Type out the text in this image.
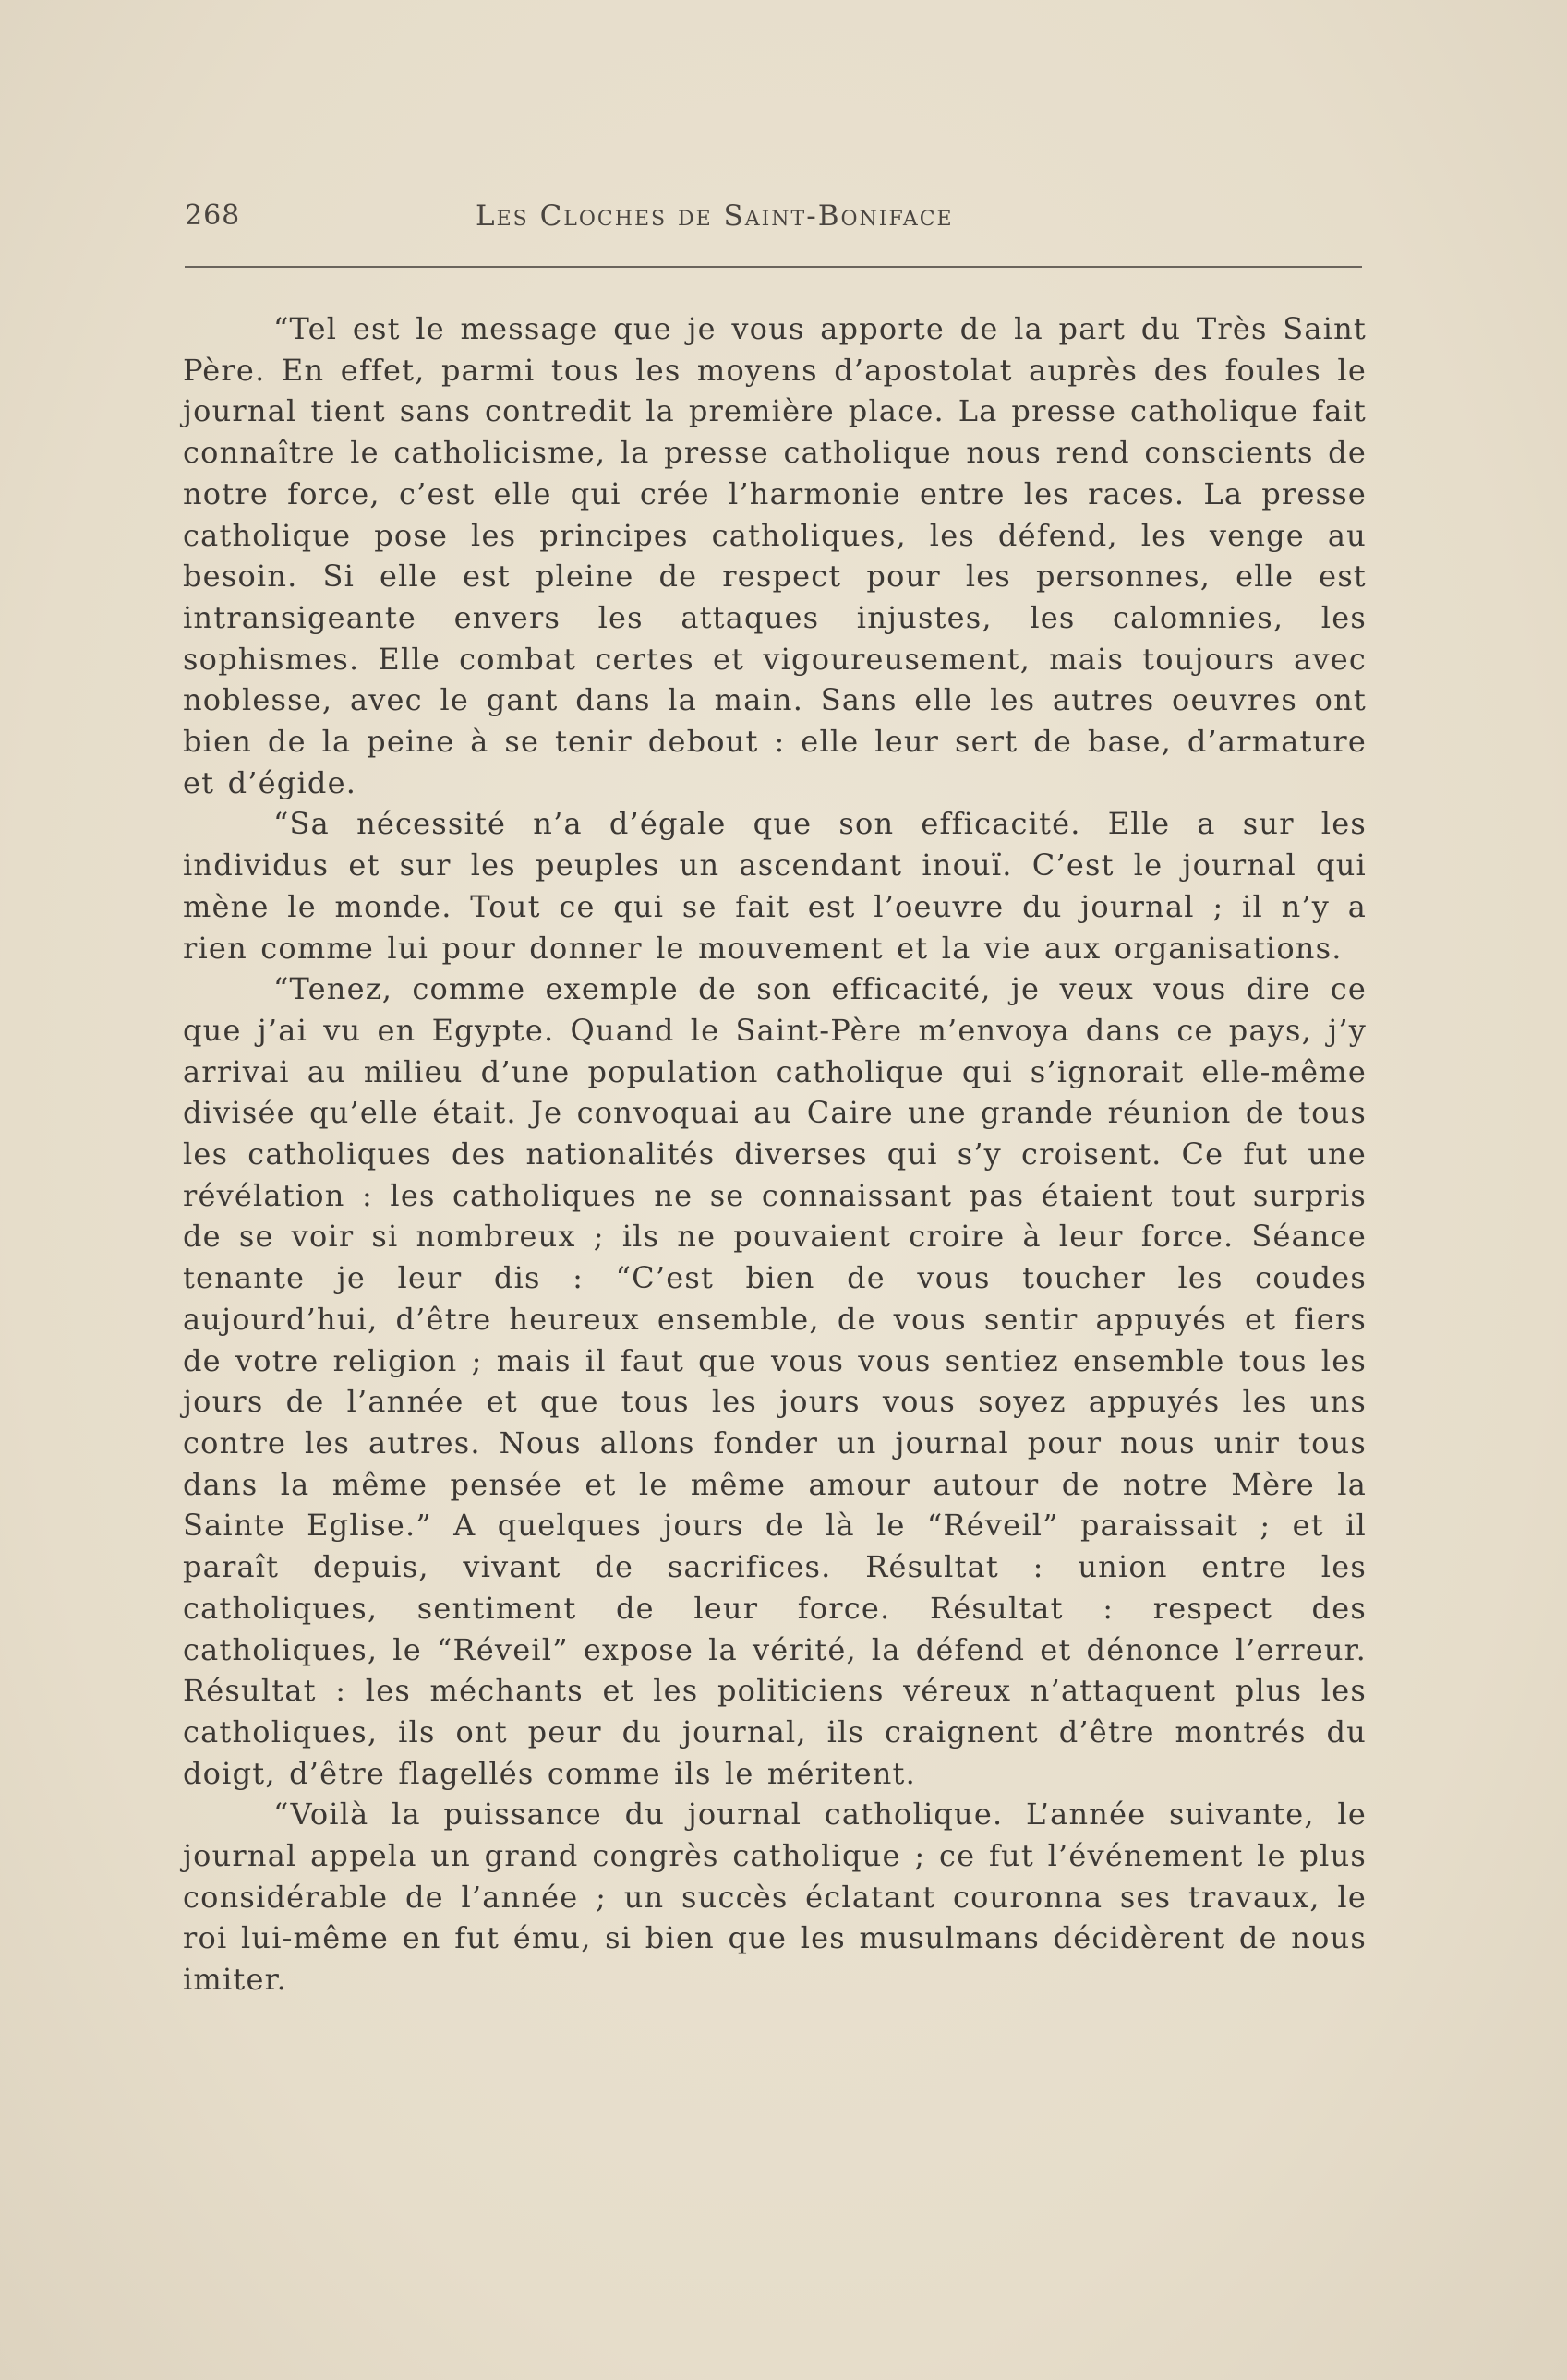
268	Les Cloches de Saint-Boniface

“Tel est le message que je vous apporte de la part du Très Saint Père. En effet, parmi tous les moyens d’apostolat auprès des foules le journal tient sans contredit la première place. La presse catholique fait connaître le catholicisme, la presse catholique nous rend conscients de notre force, c’est elle qui crée l’harmonie entre les races. La presse catholique pose les principes catholiques, les défend, les venge au besoin. Si elle est pleine de respect pour les personnes, elle est intransigeante envers les attaques injustes, les calomnies, les sophismes. Elle combat certes et vigoureusement, mais toujours avec noblesse, avec le gant dans la main. Sans elle les autres oeuvres ont bien de la peine à se tenir debout : elle leur sert de base, d’armature et d’égide.

“Sa nécessité n’a d’égale que son efficacité. Elle a sur les individus et sur les peuples un ascendant inouï. C’est le journal qui mène le monde. Tout ce qui se fait est l’oeuvre du journal ; il n’y a rien comme lui pour donner le mouvement et la vie aux organisations.

“Tenez, comme exemple de son efficacité, je veux vous dire ce que j’ai vu en Egypte. Quand le Saint-Père m’envoya dans ce pays, j’y arrivai au milieu d’une population catholique qui s’ignorait elle-même divisée qu’elle était. Je convoquai au Caire une grande réunion de tous les catholiques des nationalités diverses qui s’y croisent. Ce fut une révélation : les catholiques ne se connaissant pas étaient tout surpris de se voir si nombreux ; ils ne pouvaient croire à leur force. Séance tenante je leur dis : “C’est bien de vous toucher les coudes aujourd’hui, d’être heureux ensemble, de vous sentir appuyés et fiers de votre religion ; mais il faut que vous vous sentiez ensemble tous les jours de l’année et que tous les jours vous soyez appuyés les uns contre les autres. Nous allons fonder un journal pour nous unir tous dans la même pensée et le même amour autour de notre Mère la Sainte Eglise.” A quelques jours de là le “Réveil” paraissait ; et il paraît depuis, vivant de sacrifices. Résultat : union entre les catholiques, sentiment de leur force. Résultat : respect des catholiques, le “Réveil” expose la vérité, la défend et dénonce l’erreur. Résultat : les méchants et les politiciens véreux n’attaquent plus les catholiques, ils ont peur du journal, ils craignent d’être montrés du doigt, d’être flagellés comme ils le méritent.

“Voilà la puissance du journal catholique. L’année suivante, le journal appela un grand congrès catholique ; ce fut l’événement le plus considérable de l’année ; un succès éclatant couronna ses travaux, le roi lui-même en fut ému, si bien que les musulmans décidèrent de nous imiter.
